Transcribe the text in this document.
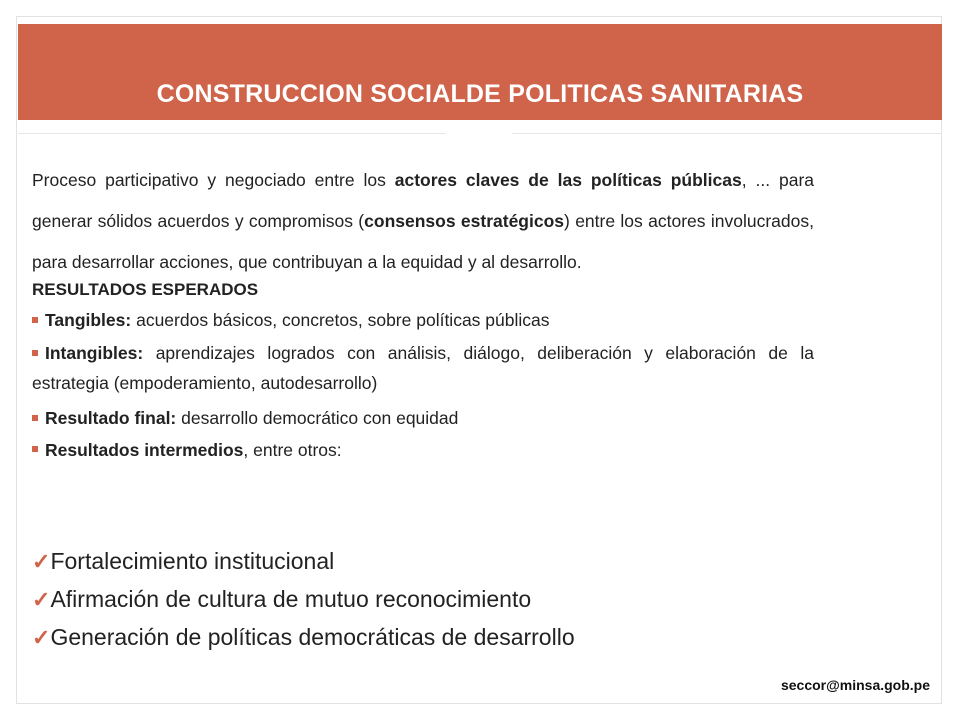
CONSTRUCCION SOCIALDE POLITICAS SANITARIAS
Proceso participativo y negociado entre los actores claves de las políticas públicas, ... para generar sólidos acuerdos y compromisos (consensos estratégicos) entre los actores involucrados, para desarrollar acciones, que contribuyan a la equidad y al desarrollo.
RESULTADOS ESPERADOS
Tangibles: acuerdos básicos, concretos, sobre políticas públicas
Intangibles: aprendizajes logrados con análisis, diálogo, deliberación y elaboración de la estrategia (empoderamiento, autodesarrollo)
Resultado final: desarrollo democrático con equidad
Resultados intermedios, entre otros:
✓Fortalecimiento institucional
✓Afirmación de cultura de mutuo reconocimiento
✓Generación de políticas democráticas de desarrollo
seccor@minsa.gob.pe
